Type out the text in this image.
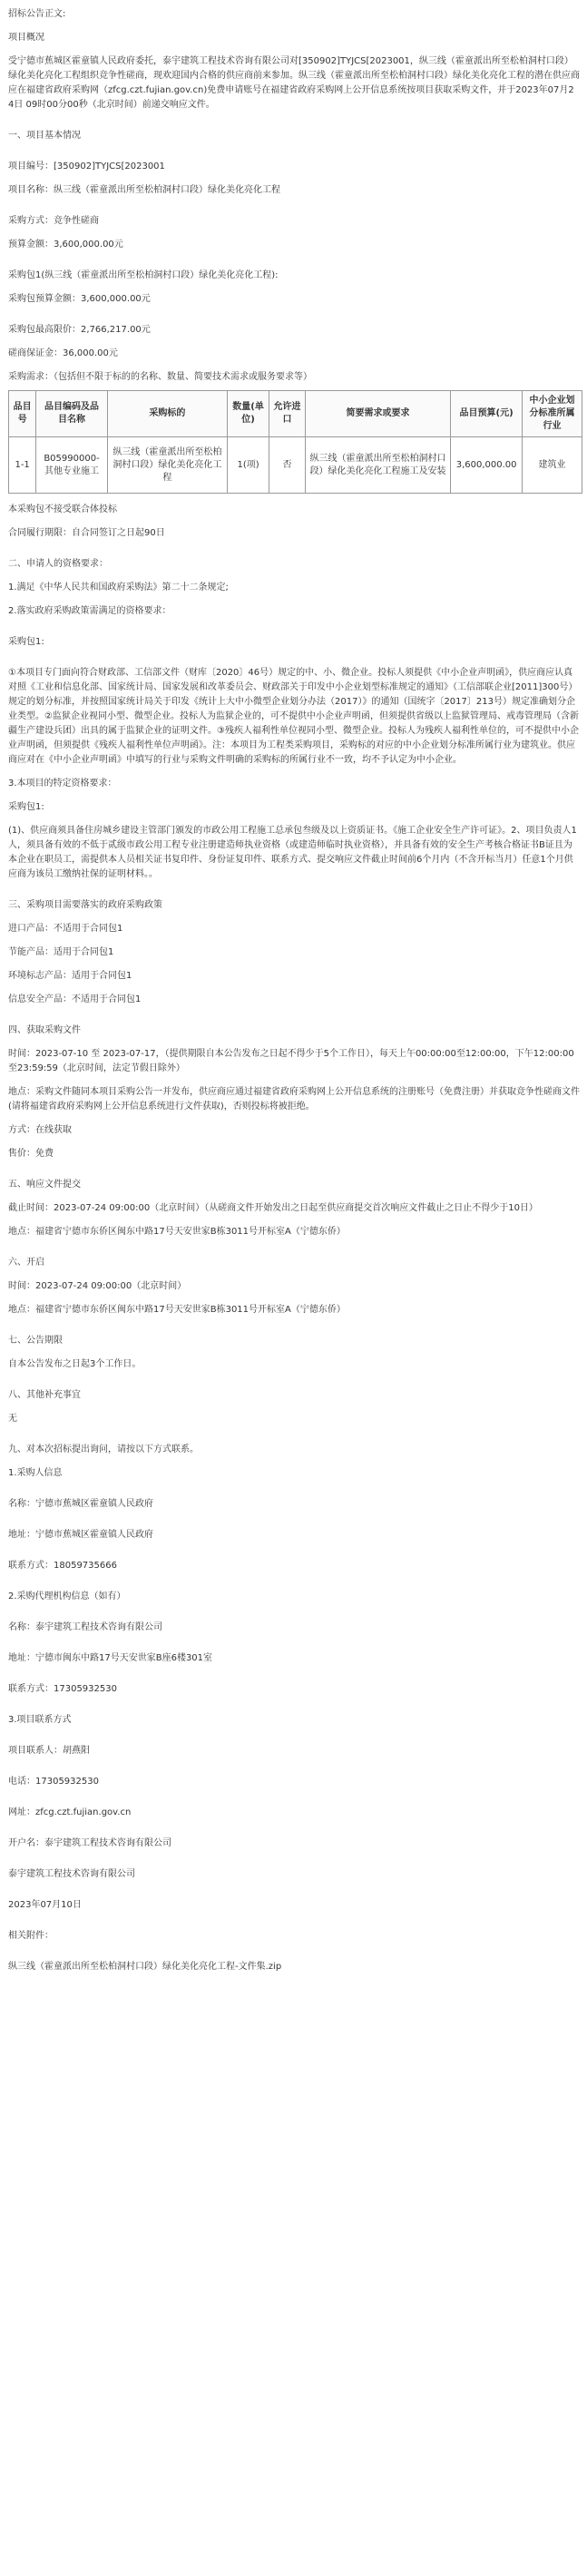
招标公告正文:

项目概况

受宁德市蕉城区霍童镇人民政府委托，泰宇建筑工程技术咨询有限公司对[350902]TYJCS[2023001，纵三线（霍童派出所至松柏洞村口段）绿化美化亮化工程组织竞争性磋商，现欢迎国内合格的供应商前来参加。纵三线（霍童派出所至松柏洞村口段）绿化美化亮化工程的潜在供应商应在福建省政府采购网（zfcg.czt.fujian.gov.cn)免费申请账号在福建省政府采购网上公开信息系统按项目获取采购文件，并于2023年07月24日 09时00分00秒（北京时间）前递交响应文件。

一、项目基本情况

项目编号：[350902]TYJCS[2023001

项目名称：纵三线（霍童派出所至松柏洞村口段）绿化美化亮化工程

采购方式：竞争性磋商

预算金额：3,600,000.00元

采购包1(纵三线（霍童派出所至松柏洞村口段）绿化美化亮化工程):

采购包预算金额：3,600,000.00元

采购包最高限价：2,766,217.00元

磋商保证金：36,000.00元

采购需求：（包括但不限于标的的名称、数量、简要技术需求或服务要求等）

品目号	品目编码及品目名称	采购标的	数量(单位)	允许进口	简要需求或要求	品目预算(元)	中小企业划分标准所属行业
1-1	B05990000-其他专业施工	纵三线（霍童派出所至松柏洞村口段）绿化美化亮化工程	1(项)	否	纵三线（霍童派出所至松柏洞村口段）绿化美化亮化工程施工及安装	3,600,000.00	建筑业

本采购包不接受联合体投标

合同履行期限：自合同签订之日起90日

二、申请人的资格要求：

1.满足《中华人民共和国政府采购法》第二十二条规定;

2.落实政府采购政策需满足的资格要求：

采购包1:

①本项目专门面向符合财政部、工信部文件（财库〔2020〕46号）规定的中、小、微企业。投标人须提供《中小企业声明函》，供应商应认真对照《工业和信息化部、国家统计局、国家发展和改革委员会、财政部关于印发中小企业划型标准规定的通知》（工信部联企业[2011]300号）规定的划分标准，并按照国家统计局关于印发《统计上大中小微型企业划分办法（2017）》的通知（国统字〔2017〕213号）规定准确划分企业类型。②监狱企业视同小型、微型企业。投标人为监狱企业的，可不提供中小企业声明函，但须提供省级以上监狱管理局、戒毒管理局（含新疆生产建设兵团）出具的属于监狱企业的证明文件。③残疾人福利性单位视同小型、微型企业。投标人为残疾人福利性单位的，可不提供中小企业声明函，但须提供《残疾人福利性单位声明函》。注：本项目为工程类采购项目，采购标的对应的中小企业划分标准所属行业为建筑业。供应商应对在《中小企业声明函》中填写的行业与采购文件明确的采购标的所属行业不一致，均不予认定为中小企业。

3.本项目的特定资格要求：

采购包1:

(1)、供应商须具备住房城乡建设主管部门颁发的市政公用工程施工总承包叁级及以上资质证书。《施工企业安全生产许可证》。2、项目负责人1人，须具备有效的不低于贰级市政公用工程专业注册建造师执业资格（或建造师临时执业资格），并具备有效的安全生产考核合格证书B证且为本企业在职员工，需提供本人员相关证书复印件、身份证复印件、联系方式、提交响应文件截止时间前6个月内（不含开标当月）任意1个月供应商为该员工缴纳社保的证明材料。。

三、采购项目需要落实的政府采购政策

进口产品：不适用于合同包1

节能产品：适用于合同包1

环境标志产品：适用于合同包1

信息安全产品：不适用于合同包1

四、获取采购文件

时间：2023-07-10 至 2023-07-17，（提供期限自本公告发布之日起不得少于5个工作日），每天上午00:00:00至12:00:00，下午12:00:00至23:59:59（北京时间，法定节假日除外）

地点：采购文件随同本项目采购公告一并发布，供应商应通过福建省政府采购网上公开信息系统的注册账号（免费注册）并获取竞争性磋商文件(请将福建省政府采购网上公开信息系统进行文件获取)，否则投标将被拒绝。

方式：在线获取

售价：免费

五、响应文件提交

截止时间：2023-07-24 09:00:00（北京时间）（从磋商文件开始发出之日起至供应商提交首次响应文件截止之日止不得少于10日）

地点：福建省宁德市东侨区闽东中路17号天安世家B栋3011号开标室A（宁德东侨）

六、开启

时间：2023-07-24 09:00:00（北京时间）

地点：福建省宁德市东侨区闽东中路17号天安世家B栋3011号开标室A（宁德东侨）

七、公告期限

自本公告发布之日起3个工作日。

八、其他补充事宜

无

九、对本次招标提出询问，请按以下方式联系。

1.采购人信息

名称：宁德市蕉城区霍童镇人民政府

地址：宁德市蕉城区霍童镇人民政府

联系方式：18059735666

2.采购代理机构信息（如有）

名称：泰宇建筑工程技术咨询有限公司

地址：宁德市闽东中路17号天安世家B座6楼301室

联系方式：17305932530

3.项目联系方式

项目联系人：胡燕阳

电话：17305932530

网址：zfcg.czt.fujian.gov.cn

开户名：泰宇建筑工程技术咨询有限公司

泰宇建筑工程技术咨询有限公司

2023年07月10日

相关附件：

纵三线（霍童派出所至松柏洞村口段）绿化美化亮化工程-文件集.zip
